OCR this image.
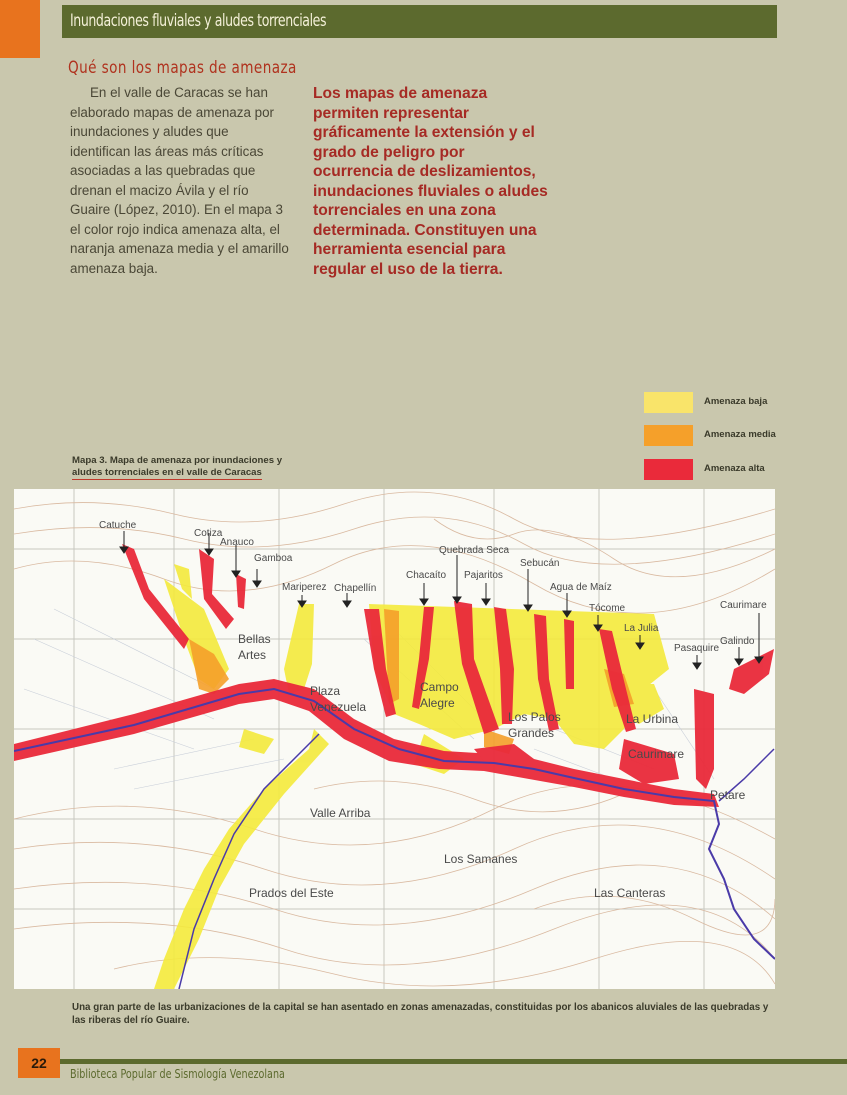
Inundaciones fluviales y aludes torrenciales
Qué son los mapas de amenaza

En el valle de Caracas se han elaborado mapas de amenaza por inundaciones y aludes que identifican las áreas más críticas asociadas a las quebradas que drenan el macizo Ávila y el río Guaire (López, 2010). En el mapa 3 el color rojo indica amenaza alta, el naranja amenaza media y el amarillo amenaza baja.

Los mapas de amenaza permiten representar gráficamente la extensión y el grado de peligro por ocurrencia de deslizamientos, inundaciones fluviales o aludes torrenciales en una zona determinada. Constituyen una herramienta esencial para regular el uso de la tierra.
Amenaza baja
Amenaza media
Amenaza alta
Mapa 3. Mapa de amenaza por inundaciones y
aludes torrenciales en el valle de Caracas
Catuche
Cotiza
Anauco
Gamboa
Mariperez Chapellín
Chacaíto
Quebrada Seca
Pajaritos
Sebucán
Agua de Maíz
Tócome
La Julia
Caurimare
Galindo
Pasaquire
Bellas Artes
Plaza Venezuela
Campo Alegre
Los Palos Grandes
La Urbina
Caurimare
Petare
Valle Arriba
Los Samanes
Prados del Este	Las Canteras
Una gran parte de las urbanizaciones de la capital se han asentado en zonas amenazadas, constituidas por los abanicos aluviales de las quebradas y las riberas del río Guaire.
22
Biblioteca Popular de Sismología Venezolana
